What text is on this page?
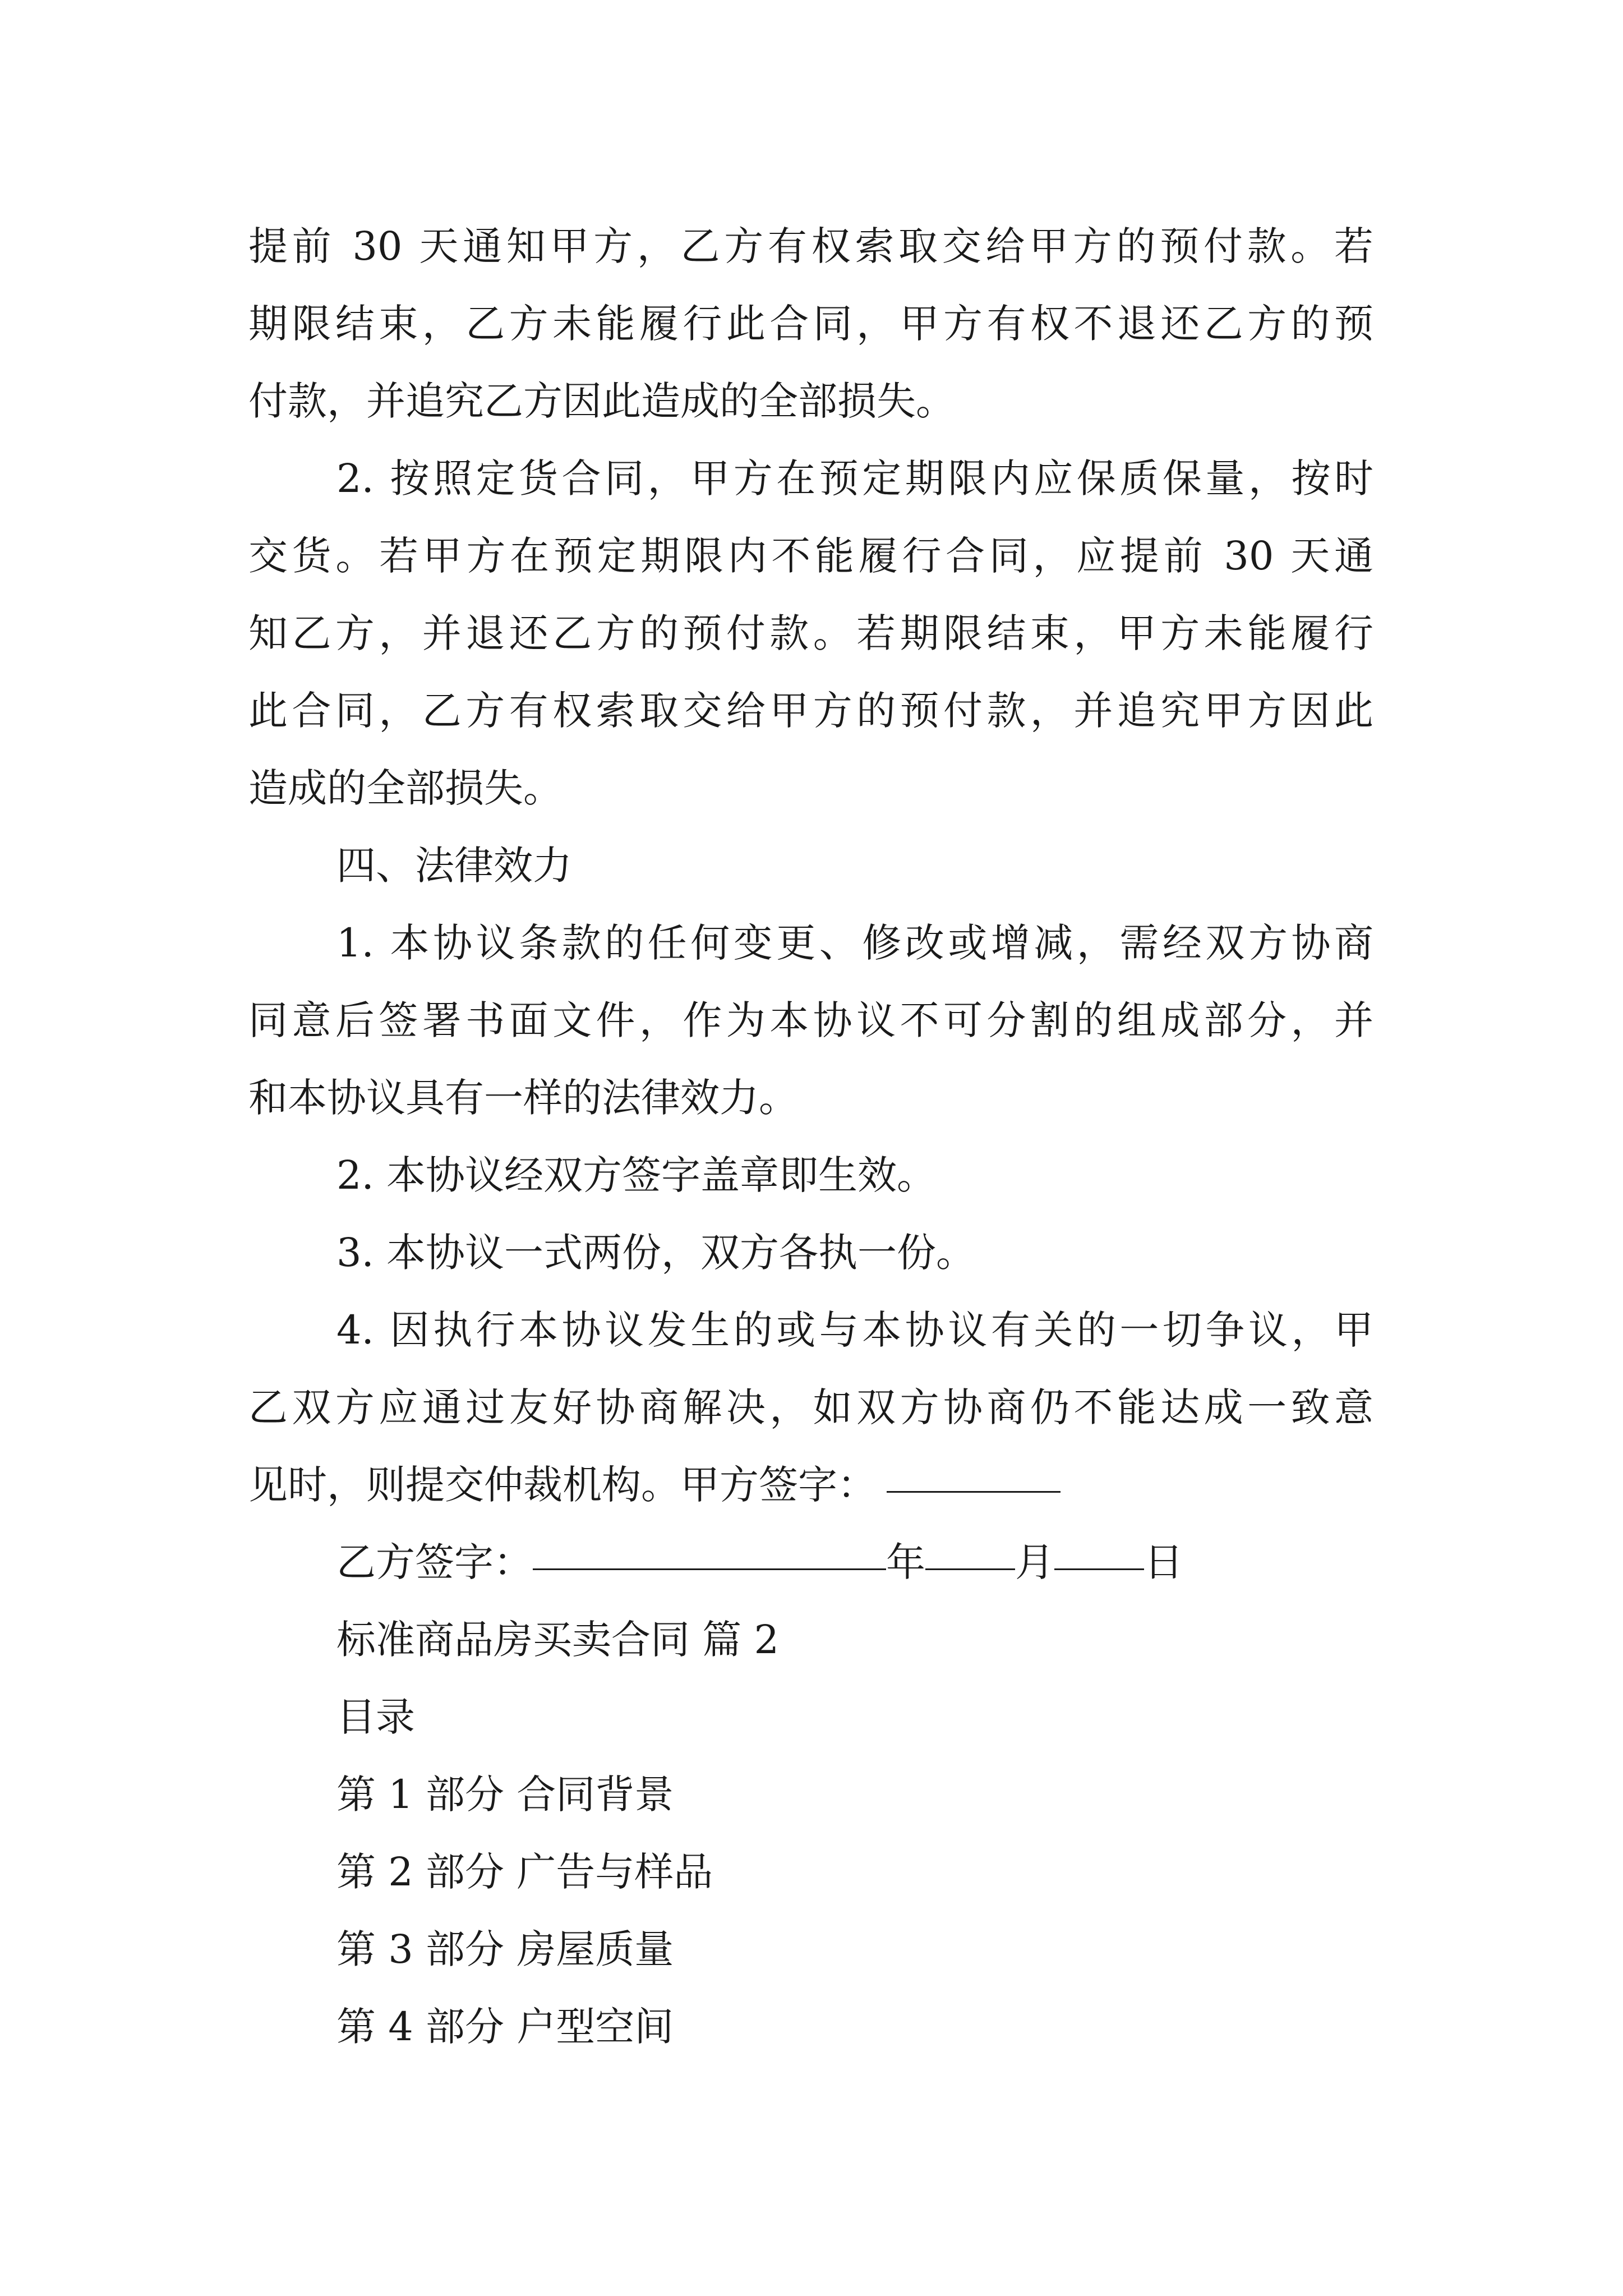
提前 30 天通知甲方，乙方有权索取交给甲方的预付款。若
期限结束，乙方未能履行此合同，甲方有权不退还乙方的预
付款，并追究乙方因此造成的全部损失。
2. 按照定货合同，甲方在预定期限内应保质保量，按时
交货。若甲方在预定期限内不能履行合同，应提前 30 天通
知乙方，并退还乙方的预付款。若期限结束，甲方未能履行
此合同，乙方有权索取交给甲方的预付款，并追究甲方因此
造成的全部损失。
四、法律效力
1. 本协议条款的任何变更、修改或增减，需经双方协商
同意后签署书面文件，作为本协议不可分割的组成部分，并
和本协议具有一样的法律效力。
2. 本协议经双方签字盖章即生效。
3. 本协议一式两份，双方各执一份。
4. 因执行本协议发生的或与本协议有关的一切争议，甲
乙双方应通过友好协商解决，如双方协商仍不能达成一致意
见时，则提交仲裁机构。甲方签字：
乙方签字：	年 月 日
标准商品房买卖合同 篇 2
目录
第 1 部分 合同背景
第 2 部分 广告与样品
第 3 部分 房屋质量
第 4 部分 户型空间
